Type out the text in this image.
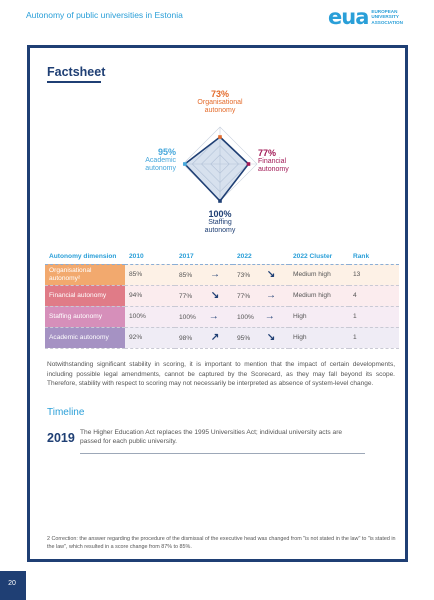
Autonomy of public universities in Estonia	eua EUROPEAN
UNIVERSITY
ASSOCIATION
Factsheet
73%
Organisational
autonomy
77%
Financial
autonomy
95%
Academic
autonomy
100%
Staffing
autonomy
Autonomy dimension	2010	2017	2022	2022 Cluster	Rank

Organisational autonomy²	85%	85% →	73% ↘	Medium high	13

Financial autonomy	94%	77% ↘	77% →	Medium high	4

Staffing autonomy	100%	100% →	100% →	High	1

Academic autonomy	92%	98% ↗	95% ↘	High	1

Notwithstanding significant stability in scoring, it is important to mention that the impact of certain developments, including possible legal amendments, cannot be captured by the Scorecard, as they may fall beyond its scope. Therefore, stability with respect to scoring may not necessarily be interpreted as absence of system-level change.

Timeline
2019 The Higher Education Act replaces the 1995 Universities Act; individual university acts are passed for each public university.
2 Correction: the answer regarding the procedure of the dismissal of the executive head was changed from "is not stated in the law" to "is stated in the law", which resulted in a score change from 87% to 85%.
20
